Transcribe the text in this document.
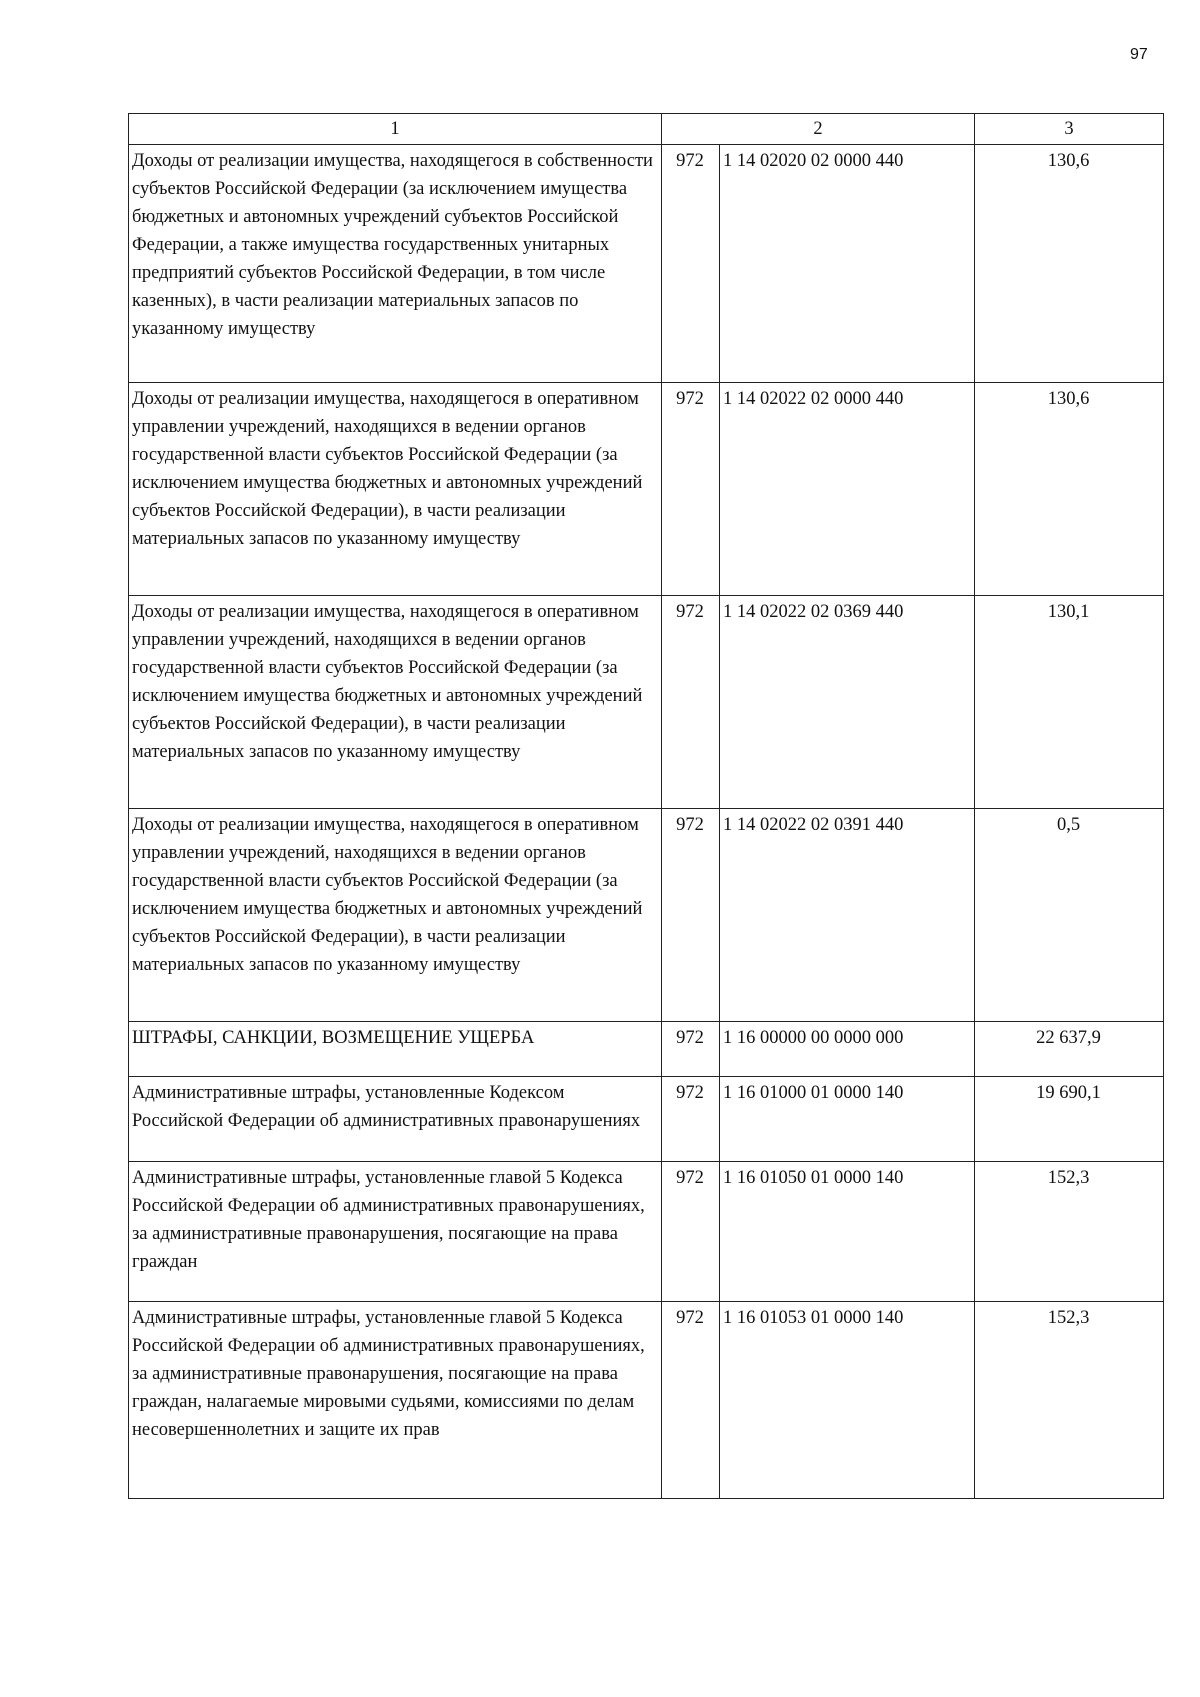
97
1	2		3
Доходы от реализации имущества, находящегося в собственности субъектов Российской Федерации (за исключением имущества бюджетных и автономных учреждений субъектов Российской Федерации, а также имущества государственных унитарных предприятий субъектов Российской Федерации, в том числе казенных), в части реализации материальных запасов по указанному имуществу	972	1 14 02020 02 0000 440	130,6
Доходы от реализации имущества, находящегося в оперативном управлении учреждений, находящихся в ведении органов государственной власти субъектов Российской Федерации (за исключением имущества бюджетных и автономных учреждений субъектов Российской Федерации), в части реализации материальных запасов по указанному имуществу	972	1 14 02022 02 0000 440	130,6
Доходы от реализации имущества, находящегося в оперативном управлении учреждений, находящихся в ведении органов государственной власти субъектов Российской Федерации (за исключением имущества бюджетных и автономных учреждений субъектов Российской Федерации), в части реализации материальных запасов по указанному имуществу	972	1 14 02022 02 0369 440	130,1
Доходы от реализации имущества, находящегося в оперативном управлении учреждений, находящихся в ведении органов государственной власти субъектов Российской Федерации (за исключением имущества бюджетных и автономных учреждений субъектов Российской Федерации), в части реализации материальных запасов по указанному имуществу	972	1 14 02022 02 0391 440	0,5
ШТРАФЫ, САНКЦИИ, ВОЗМЕЩЕНИЕ УЩЕРБА	972	1 16 00000 00 0000 000	22 637,9
Административные штрафы, установленные Кодексом Российской Федерации об административных правонарушениях	972	1 16 01000 01 0000 140	19 690,1
Административные штрафы, установленные главой 5 Кодекса Российской Федерации об административных правонарушениях, за административные правонарушения, посягающие на права граждан	972	1 16 01050 01 0000 140	152,3
Административные штрафы, установленные главой 5 Кодекса Российской Федерации об административных правонарушениях, за административные правонарушения, посягающие на права граждан, налагаемые мировыми судьями, комиссиями по делам несовершеннолетних и защите их прав	972	1 16 01053 01 0000 140	152,3
